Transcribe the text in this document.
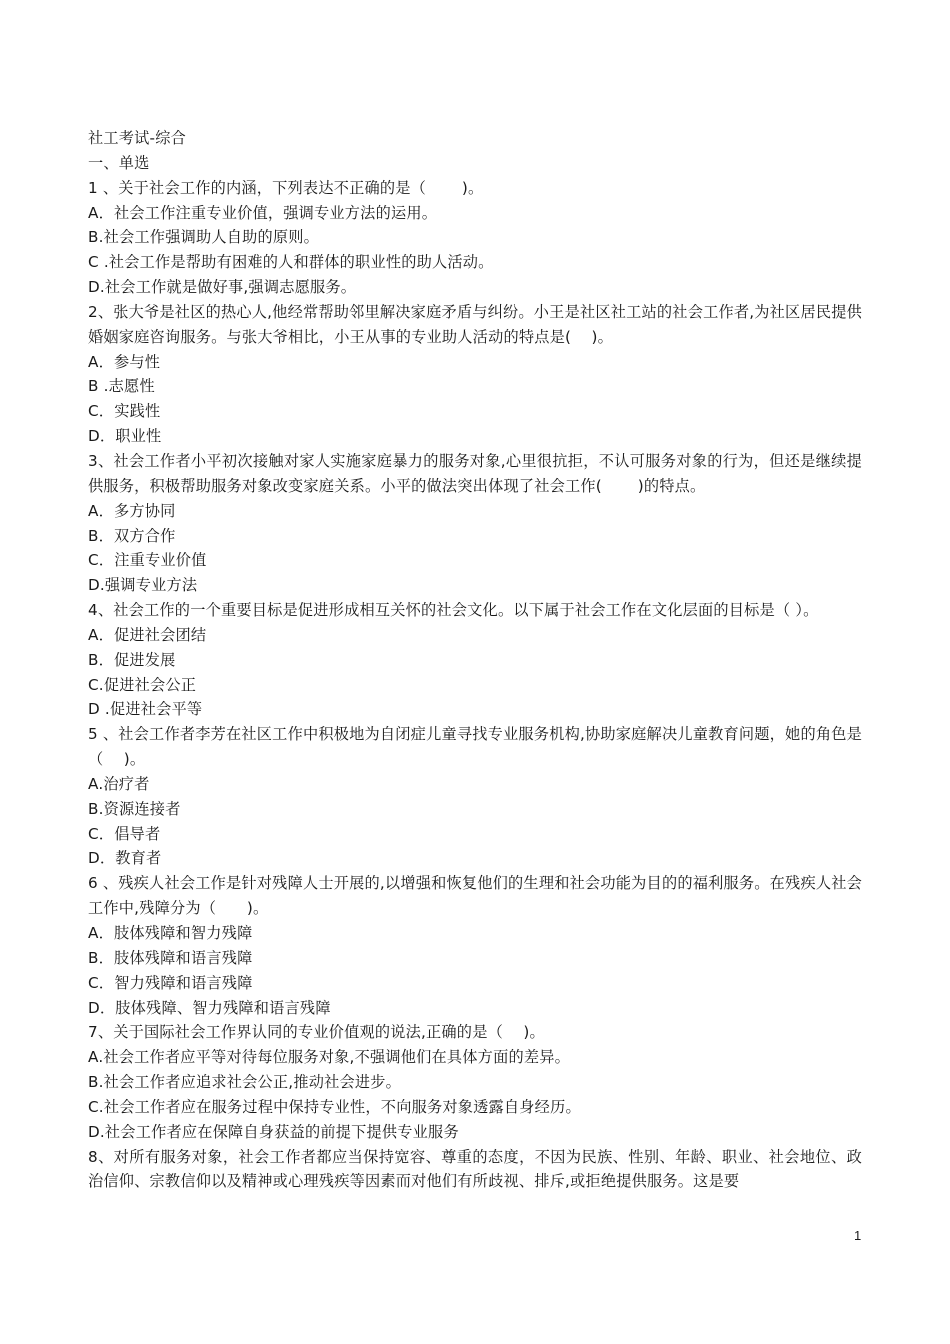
社工考试-综合
一、单选
1 、关于社会工作的内涵，下列表达不正确的是（　　 )。
A．社会工作注重专业价值，强调专业方法的运用。
B.社会工作强调助人自助的原则。
C .社会工作是帮助有困难的人和群体的职业性的助人活动。
D.社会工作就是做好事,强调志愿服务。
2、张大爷是社区的热心人,他经常帮助邻里解决家庭矛盾与纠纷。小王是社区社工站的社会工作者,为社区居民提供婚姻家庭咨询服务。与张大爷相比，小王从事的专业助人活动的特点是(　 )。
A．参与性
B .志愿性
C．实践性
D．职业性
3、社会工作者小平初次接触对家人实施家庭暴力的服务对象,心里很抗拒，不认可服务对象的行为，但还是继续提供服务，积极帮助服务对象改变家庭关系。小平的做法突出体现了社会工作(　　 )的特点。
A．多方协同
B．双方合作
C．注重专业价值
D.强调专业方法
4、社会工作的一个重要目标是促进形成相互关怀的社会文化。以下属于社会工作在文化层面的目标是（ ）。
A．促进社会团结
B．促进发展
C.促进社会公正
D .促进社会平等
5 、社会工作者李芳在社区工作中积极地为自闭症儿童寻找专业服务机构,协助家庭解决儿童教育问题，她的角色是（　 )。
A.治疗者
B.资源连接者
C．倡导者
D．教育者
6 、残疾人社会工作是针对残障人士开展的,以增强和恢复他们的生理和社会功能为目的的福利服务。在残疾人社会工作中,残障分为（　　)。
A．肢体残障和智力残障
B．肢体残障和语言残障
C．智力残障和语言残障
D．肢体残障、智力残障和语言残障
7、关于国际社会工作界认同的专业价值观的说法,正确的是（　 )。
A.社会工作者应平等对待每位服务对象,不强调他们在具体方面的差异。
B.社会工作者应追求社会公正,推动社会进步。
C.社会工作者应在服务过程中保持专业性，不向服务对象透露自身经历。
D.社会工作者应在保障自身获益的前提下提供专业服务
8、对所有服务对象，社会工作者都应当保持宽容、尊重的态度，不因为民族、性别、年龄、职业、社会地位、政治信仰、宗教信仰以及精神或心理残疾等因素而对他们有所歧视、排斥,或拒绝提供服务。这是要
1
